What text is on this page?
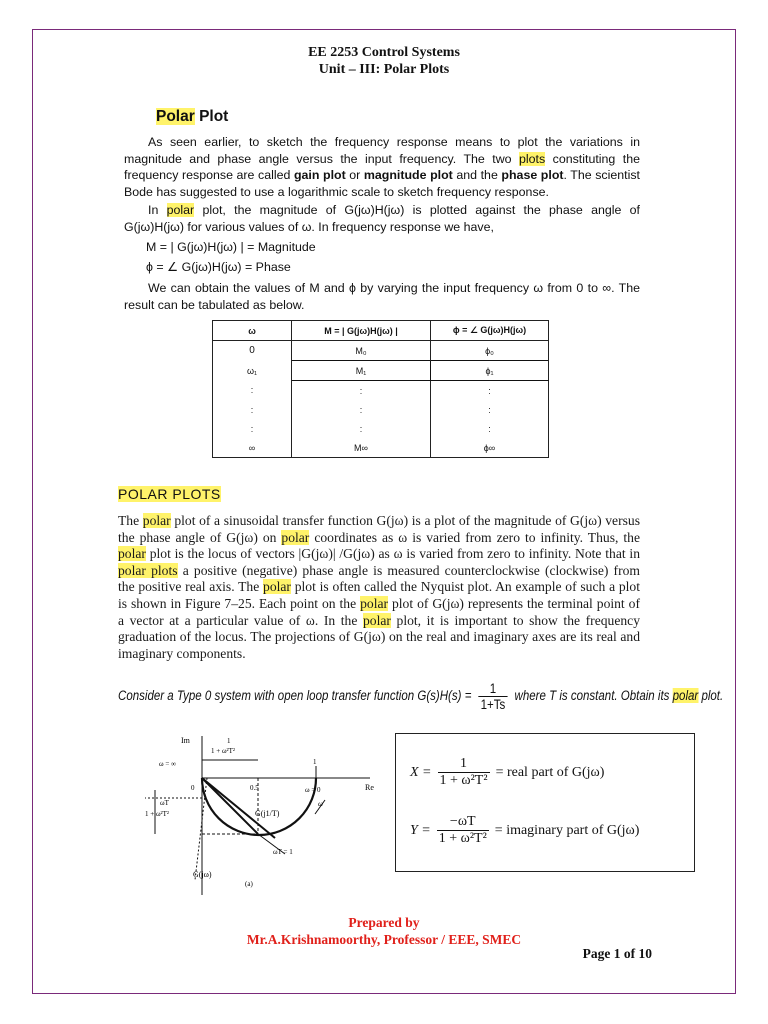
EE 2253 Control Systems
Unit – III: Polar Plots
Polar Plot
As seen earlier, to sketch the frequency response means to plot the variations in magnitude and phase angle versus the input frequency. The two plots constituting the frequency response are called gain plot or magnitude plot and the phase plot. The scientist Bode has suggested to use a logarithmic scale to sketch frequency response.
In polar plot, the magnitude of G(jω)H(jω) is plotted against the phase angle of G(jω)H(jω) for various values of ω. In frequency response we have,
M = | G(jω)H(jω) | = Magnitude
ϕ = ∠ G(jω)H(jω) = Phase
We can obtain the values of M and ϕ by varying the input frequency ω from 0 to ∞. The result can be tabulated as below.
ω	M = | G(jω)H(jω) |	ϕ = ∠ G(jω)H(jω)
0	M₀	ϕ₀
ω₁	M₁	ϕ₁
:	:	:
:	:	:
:	:	:
∞	M∞	ϕ∞
POLAR PLOTS
The polar plot of a sinusoidal transfer function G(jω) is a plot of the magnitude of G(jω) versus the phase angle of G(jω) on polar coordinates as ω is varied from zero to infinity. Thus, the polar plot is the locus of vectors |G(jω)| /G(jω) as ω is varied from zero to infinity. Note that in polar plots a positive (negative) phase angle is measured counterclockwise (clockwise) from the positive real axis. The polar plot is often called the Nyquist plot. An example of such a plot is shown in Figure 7–25. Each point on the polar plot of G(jω) represents the terminal point of a vector at a particular value of ω. In the polar plot, it is important to show the frequency graduation of the locus. The projections of G(jω) on the real and imaginary axes are its real and imaginary components.
Consider a Type 0 system with open loop transfer function $G(s)H(s) = \frac{1}{1+Ts}$ where T is constant. Obtain its polar plot.
Im
Re
1
1 + ω²T²
ω = ∞
0	0.5
1
ω = 0
ω
ωT
1 + ω²T²	G(j1/T)
G(jω)
ωT = 1
(a)
$X = \frac{1}{\text{1 + ω²T²}}$ = real part of G(jω)
$Y = \frac{-\omega T}{\text{1 + ω²T²}}$ = imaginary part of G(jω)
Prepared by
Mr.A.Krishnamoorthy, Professor / EEE, SMEC
Page 1 of 10
